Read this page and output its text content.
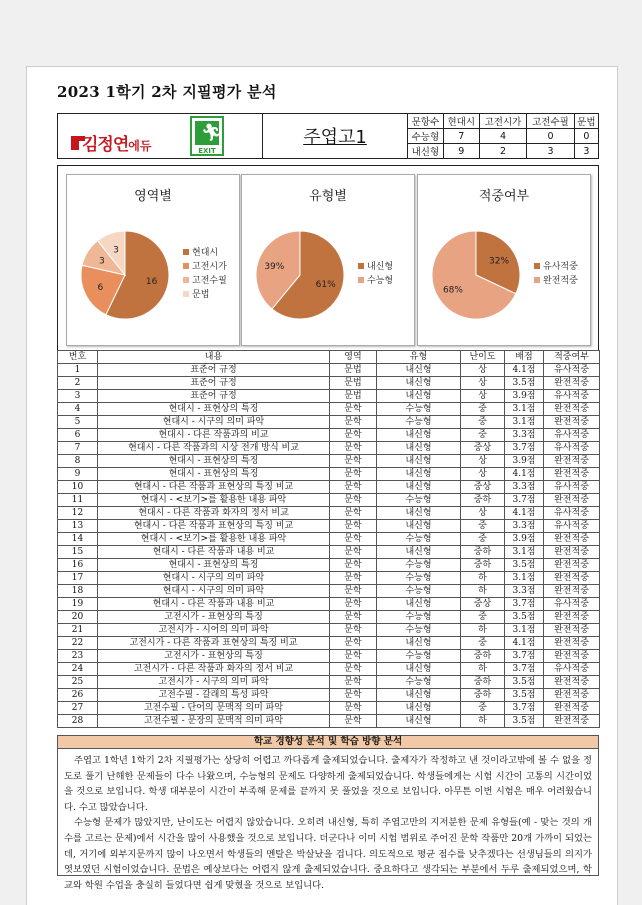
2023 1학기 2차 지필평가 분석
김정연에듀
🏃︎
EXIT
주엽고1
문항수	현대시	고전시가	고전수필	문법
수능형	7	4	0	0
내신형	9	2	3	3
영역별
16
6
3
3	현대시
고전시가
고전수필
문법
유형별
61%
39%	내신형
수능형
적중여부
32%
68%
유사적중
완전적중
번호	내용	영역	유형	난이도	배점	적중여부
1	표준어 규정	문법	내신형	상	4.1점	유사적중
2	표준어 규정	문법	내신형	상	3.5점	완전적중
3	표준어 규정	문법	내신형	상	3.9점	유사적중
4	현대시 - 표현상의 특징	문학	수능형	중	3.1점	완전적중
5	현대시 - 시구의 의미 파악	문학	수능형	중	3.1점	완전적중
6	현대시 - 다른 작품과의 비교	문학	내신형	중	3.3점	유사적중
7	현대시 - 다른 작품과의 시상 전개 방식 비교	문학	내신형	중상	3.7점	유사적중
8	현대시 - 표현상의 특징	문학	내신형	상	3.9점	완전적중
9	현대시 - 표현상의 특징	문학	내신형	상	4.1점	완전적중
10	현대시 - 다른 작품과 표현상의 특징 비교	문학	내신형	중상	3.3점	유사적중
11	현대시 - <보기>를 활용한 내용 파악	문학	수능형	중하	3.7점	완전적중
12	현대시 - 다른 작품과 화자의 정서 비교	문학	내신형	상	4.1점	유사적중
13	현대시 - 다른 작품과 표현상의 특징 비교	문학	내신형	중	3.3점	유사적중
14	현대시 - <보기>를 활용한 내용 파악	문학	수능형	중	3.9점	완전적중
15	현대시 - 다른 작품과 내용 비교	문학	내신형	중하	3.1점	완전적중
16	현대시 - 표현상의 특징	문학	수능형	중하	3.5점	완전적중
17	현대시 - 시구의 의미 파악	문학	수능형	하	3.1점	완전적중
18	현대시 - 시구의 의미 파악	문학	수능형	하	3.3점	완전적중
19	현대시 - 다른 작품과 내용 비교	문학	내신형	중상	3.7점	유사적중
20	고전시가 - 표현상의 특징	문학	수능형	중	3.5점	완전적중
21	고전시가 - 시어의 의미 파악	문학	수능형	하	3.1점	완전적중
22	고전시가 - 다른 작품과 표현상의 특징 비교	문학	내신형	중	4.1점	완전적중
23	고전시가 - 표현상의 특징	문학	수능형	중하	3.7점	완전적중
24	고전시가 - 다른 작품과 화자의 정서 비교	문학	내신형	하	3.7점	유사적중
25	고전시가 - 시구의 의미 파악	문학	수능형	중하	3.5점	완전적중
26	고전수필 - 갈래의 특성 파악	문학	내신형	중하	3.5점	완전적중
27	고전수필 - 단어의 문맥적 의미 파악	문학	내신형	중	3.7점	완전적중
28	고전수필 - 문장의 문맥적 의미 파악	문학	내신형	하	3.5점	완전적중
학교 경향성 분석 및 학습 방향 분석

주엽고 1학년 1학기 2차 지필평가는 상당히 어렵고 까다롭게 출제되었습니다. 출제자가 작정하고 낸 것이라고밖에 볼 수 없을 정도로 풀기 난해한 문제들이 다수 나왔으며, 수능형의 문제도 다양하게 출제되었습니다. 학생들에게는 시험 시간이 고통의 시간이었을 것으로 보입니다. 학생 대부분이 시간이 부족해 문제를 끝까지 못 풀었을 것으로 보입니다. 아무튼 이번 시험은 매우 어려웠습니다. 수고 많았습니다.

수능형 문제가 많았지만, 난이도는 어렵지 않았습니다. 오히려 내신형, 특히 주엽고만의 지저분한 문제 유형들(예 - 맞는 것의 개수를 고르는 문제)에서 시간을 많이 사용했을 것으로 보입니다. 더군다나 이미 시험 범위로 주어진 문학 작품만 20개 가까이 되었는데, 거기에 외부지문까지 많이 나오면서 학생들의 멘탈은 박살났을 겁니다. 의도적으로 평균 점수를 낮추겠다는 선생님들의 의지가 엿보였던 시험이었습니다. 문법은 예상보다는 어렵지 않게 출제되었습니다. 중요하다고 생각되는 부분에서 두루 출제되었으며, 학교와 학원 수업을 충실히 들었다면 쉽게 맞혔을 것으로 보입니다.
